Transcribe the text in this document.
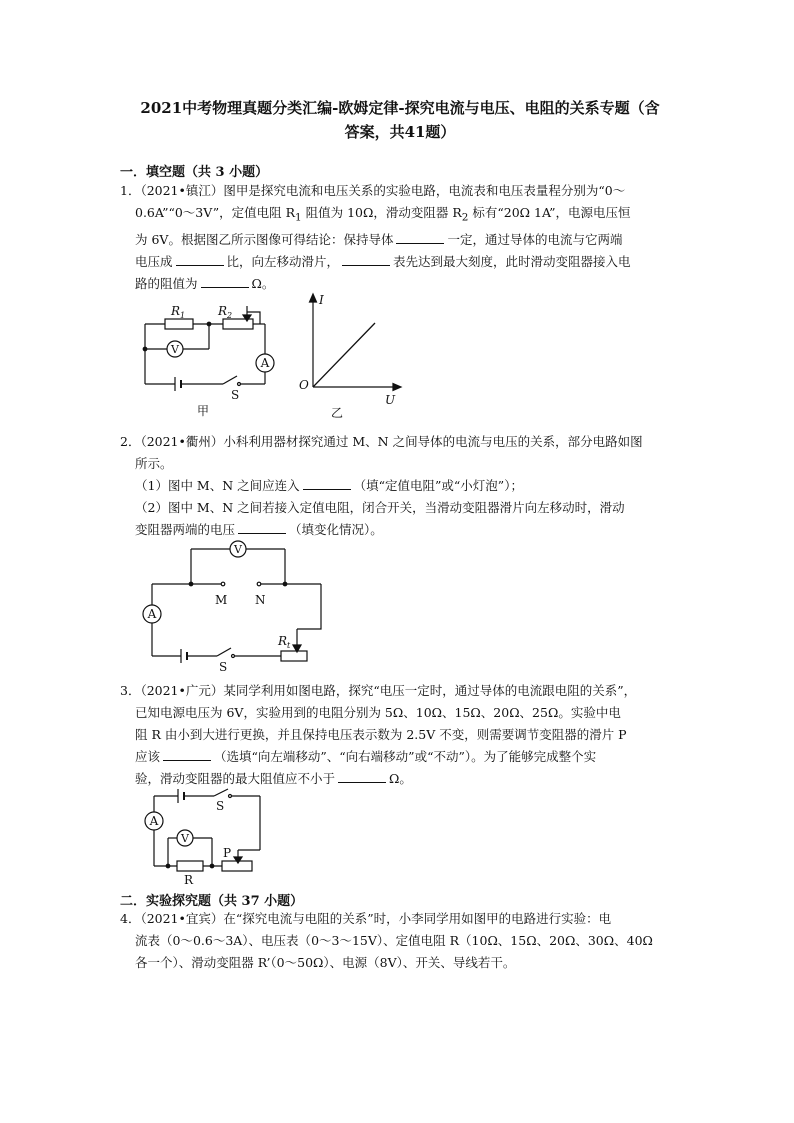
2021中考物理真题分类汇编-欧姆定律-探究电流与电压、电阻的关系专题（含
答案，共41题）
一．填空题（共 3 小题）
1．（2021•镇江）图甲是探究电流和电压关系的实验电路，电流表和电压表量程分别为“0～
0.6A”“0～3V”，定值电阻 $R_1$ 阻值为 10Ω，滑动变阻器 $R_2$ 标有“20Ω 1A”，电源电压恒
为 6V。根据图乙所示图像可得结论：保持导体	一定，通过导体的电流与它两端
电压成	比，向左移动滑片，	表先达到最大刻度，此时滑动变阻器接入电
路的阻值为	Ω。
$R_1$	$R_2$
V
A
S
甲
I
O
U
乙
2．（2021•衢州）小科利用器材探究通过 M、N 之间导体的电流与电压的关系，部分电路如图
所示。
（1）图中 M、N 之间应连入	（填“定值电阻”或“小灯泡”）；
（2）图中 M、N 之间若接入定值电阻，闭合开关，当滑动变阻器滑片向左移动时，滑动
变阻器两端的电压	（填变化情况）。
V
A
M N
$R_t$
S
3．（2021•广元）某同学利用如图电路，探究“电压一定时，通过导体的电流跟电阻的关系”，
已知电源电压为 6V，实验用到的电阻分别为 5Ω、10Ω、15Ω、20Ω、25Ω。实验中电
阻 R 由小到大进行更换，并且保持电压表示数为 2.5V 不变，则需要调节变阻器的滑片 P
应该	（选填“向左端移动”、“向右端移动”或“不动”）。为了能够完成整个实
验，滑动变阻器的最大阻值应不小于	Ω。
A
V
S
R
P
二．实验探究题（共 37 小题）
4．（2021•宜宾）在“探究电流与电阻的关系”时，小李同学用如图甲的电路进行实验：电
流表（0～0.6～3A）、电压表（0～3～15V）、定值电阻 R（10Ω、15Ω、20Ω、30Ω、40Ω
各一个）、滑动变阻器 R’（0～50Ω）、电源（8V）、开关、导线若干。
